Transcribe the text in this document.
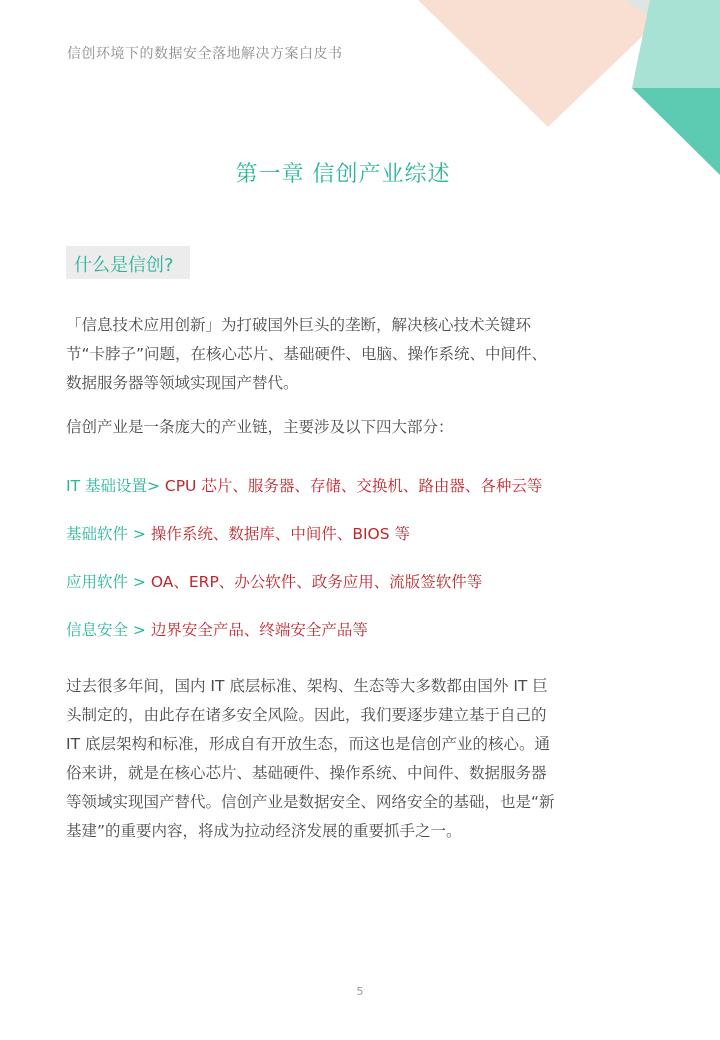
信创环境下的数据安全落地解决方案白皮书
第一章 信创产业综述
什么是信创?
「信息技术应用创新」为打破国外巨头的垄断，解决核心技术关键环节“卡脖子”问题，在核心芯片、基础硬件、电脑、操作系统、中间件、数据服务器等领域实现国产替代。
信创产业是一条庞大的产业链，主要涉及以下四大部分：
IT 基础设置> CPU 芯片、服务器、存储、交换机、路由器、各种云等
基础软件 > 操作系统、数据库、中间件、BIOS 等
应用软件 > OA、ERP、办公软件、政务应用、流版签软件等
信息安全 > 边界安全产品、终端安全产品等
过去很多年间，国内 IT 底层标准、架构、生态等大多数都由国外 IT 巨头制定的，由此存在诸多安全风险。因此，我们要逐步建立基于自己的 IT 底层架构和标准，形成自有开放生态，而这也是信创产业的核心。通俗来讲，就是在核心芯片、基础硬件、操作系统、中间件、数据服务器等领域实现国产替代。信创产业是数据安全、网络安全的基础，也是“新基建”的重要内容，将成为拉动经济发展的重要抓手之一。
5
